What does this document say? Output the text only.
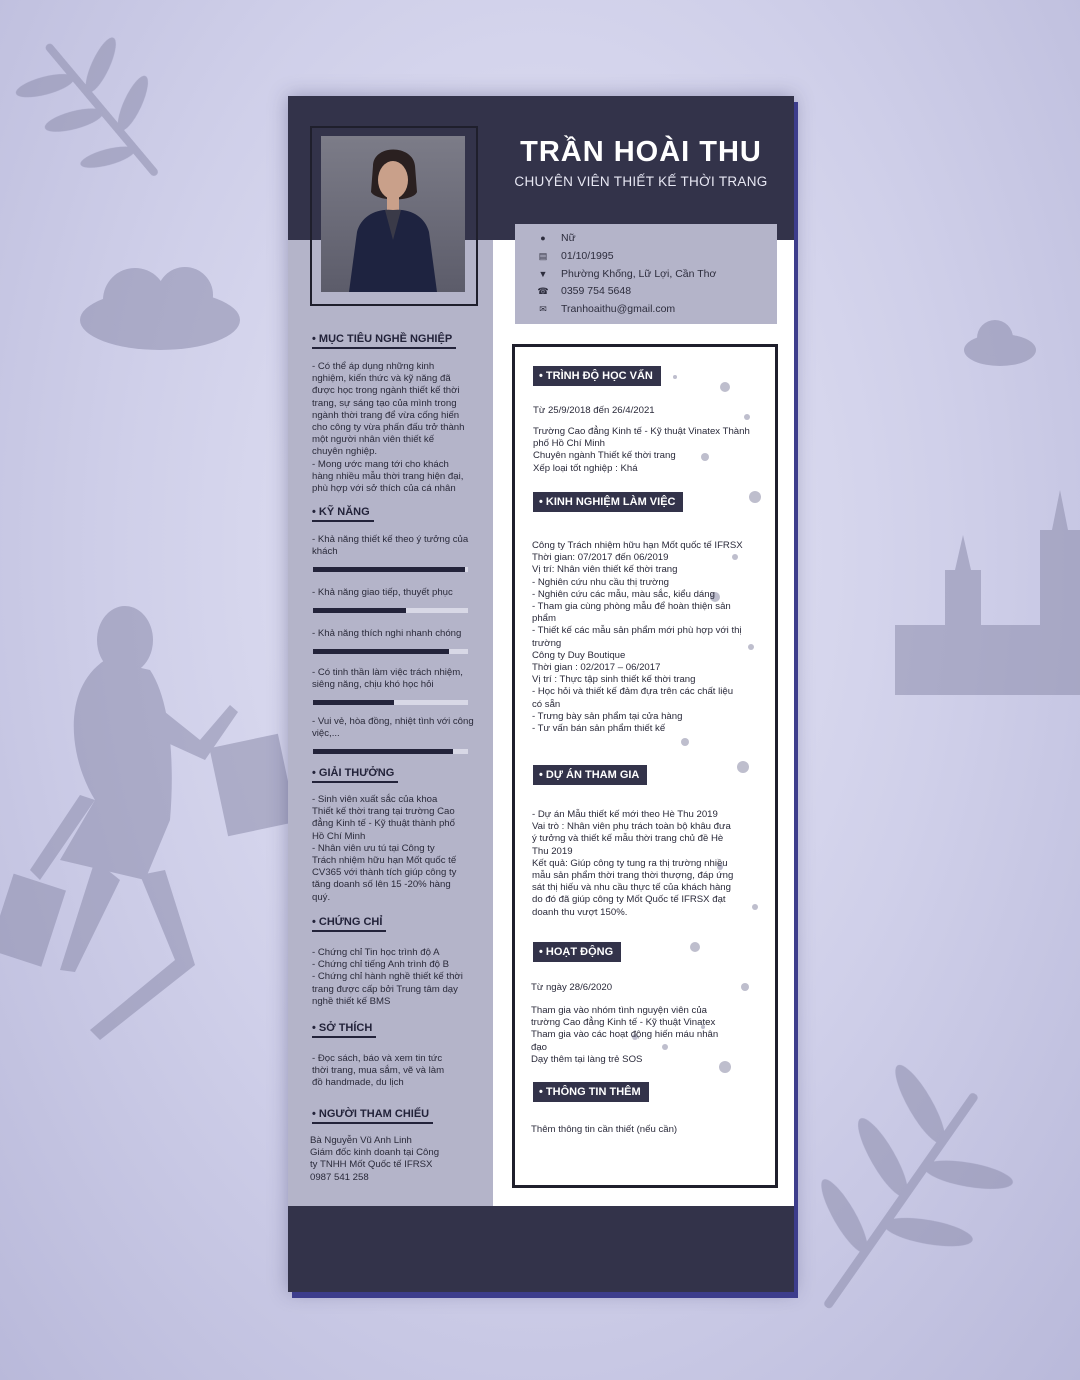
TRẦN HOÀI THU
CHUYÊN VIÊN THIẾT KẾ THỜI TRANG
● Nữ
▤ 01/10/1995
▼ Phường Khống, Lữ Lợi, Cần Thơ
☎ 0359 754 5648
✉ Tranhoaithu@gmail.com
• MỤC TIÊU NGHỀ NGHIỆP
- Có thể áp dụng những kinh
nghiệm, kiến thức và kỹ năng đã
được học trong ngành thiết kế thời
trang, sự sáng tạo của mình trong
ngành thời trang để vừa cống hiến
cho công ty vừa phấn đấu trở thành
một người nhân viên thiết kế
chuyên nghiệp.
- Mong ước mang tới cho khách
hàng nhiều mẫu thời trang hiện đại,
phù hợp với sở thích của cá nhân
• KỸ NĂNG
- Khả năng thiết kế theo ý tưởng của
khách
- Khả năng giao tiếp, thuyết phục
- Khả năng thích nghi nhanh chóng
- Có tinh thần làm việc trách nhiệm,
siêng năng, chịu khó học hỏi
- Vui vẻ, hòa đồng, nhiệt tình với công
việc,...
• GIẢI THƯỞNG
- Sinh viên xuất sắc của khoa
Thiết kế thời trang tại trường Cao
đẳng Kinh tế - Kỹ thuật thành phố
Hồ Chí Minh
- Nhân viên ưu tú tại Công ty
Trách nhiệm hữu hạn Mốt quốc tế
CV365 với thành tích giúp công ty
tăng doanh số lên 15 -20% hàng
quý.
• CHỨNG CHỈ
- Chứng chỉ Tin học trình độ A
- Chứng chỉ tiếng Anh trình độ B
- Chứng chỉ hành nghề thiết kế thời
trang được cấp bởi Trung tâm dạy
nghề thiết kế BMS
• SỞ THÍCH
- Đọc sách, báo và xem tin tức
thời trang, mua sắm, vẽ và làm
đồ handmade, du lịch
• NGƯỜI THAM CHIẾU
Bà Nguyễn Vũ Anh Linh
Giám đốc kinh doanh tại Công
ty TNHH Mốt Quốc tế IFRSX
0987 541 258
• TRÌNH ĐỘ HỌC VẤN
Từ 25/9/2018 đến 26/4/2021
Trường Cao đẳng Kinh tế - Kỹ thuật Vinatex Thành
phố Hồ Chí Minh
Chuyên ngành Thiết kế thời trang
Xếp loại tốt nghiệp : Khá
• KINH NGHIỆM LÀM VIỆC
Công ty Trách nhiệm hữu hạn Mốt quốc tế IFRSX
Thời gian: 07/2017 đến 06/2019
Vị trí: Nhân viên thiết kế thời trang
- Nghiên cứu nhu cầu thị trường
- Nghiên cứu các mẫu, màu sắc, kiểu dáng
- Tham gia cùng phòng mẫu để hoàn thiện sản
phẩm
- Thiết kế các mẫu sản phẩm mới phù hợp với thị
trường
Công ty Duy Boutique
Thời gian : 02/2017 – 06/2017
Vị trí : Thực tập sinh thiết kế thời trang
- Học hỏi và thiết kế đảm đựa trên các chất liệu
có sẵn
- Trưng bày sản phẩm tại cửa hàng
- Tư vấn bán sản phẩm thiết kế
• DỰ ÁN THAM GIA
- Dự án Mẫu thiết kế mới theo Hè Thu 2019
Vai trò : Nhân viên phụ trách toàn bộ khâu đưa
ý tưởng và thiết kế mẫu thời trang chủ đề Hè
Thu 2019
Kết quả: Giúp công ty tung ra thị trường nhiều
mẫu sản phẩm thời trang thời thượng, đáp ứng
sát thị hiếu và nhu cầu thực tế của khách hàng
do đó đã giúp công ty Mốt Quốc tế IFRSX đạt
doanh thu vượt 150%.
• HOẠT ĐỘNG
Từ ngày 28/6/2020
Tham gia vào nhóm tình nguyện viên của
trường Cao đẳng Kinh tế - Kỹ thuật Vinatex
Tham gia vào các hoạt động hiến máu nhân
đạo
Dạy thêm tại làng trẻ SOS
• THÔNG TIN THÊM
Thêm thông tin cần thiết (nếu cần)
